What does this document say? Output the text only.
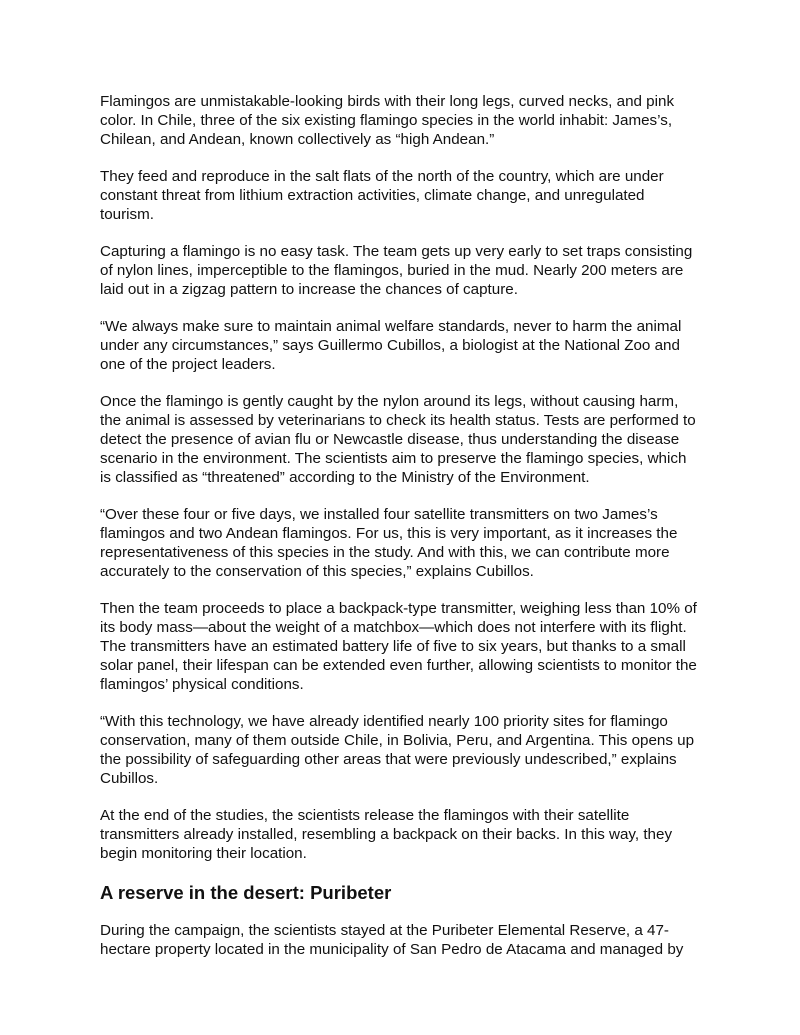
Flamingos are unmistakable-looking birds with their long legs, curved necks, and pink color. In Chile, three of the six existing flamingo species in the world inhabit: James’s, Chilean, and Andean, known collectively as “high Andean.”

They feed and reproduce in the salt flats of the north of the country, which are under constant threat from lithium extraction activities, climate change, and unregulated tourism.

Capturing a flamingo is no easy task. The team gets up very early to set traps consisting of nylon lines, imperceptible to the flamingos, buried in the mud. Nearly 200 meters are laid out in a zigzag pattern to increase the chances of capture.

“We always make sure to maintain animal welfare standards, never to harm the animal under any circumstances,” says Guillermo Cubillos, a biologist at the National Zoo and one of the project leaders.

Once the flamingo is gently caught by the nylon around its legs, without causing harm, the animal is assessed by veterinarians to check its health status. Tests are performed to detect the presence of avian flu or Newcastle disease, thus understanding the disease scenario in the environment. The scientists aim to preserve the flamingo species, which is classified as “threatened” according to the Ministry of the Environment.

“Over these four or five days, we installed four satellite transmitters on two James’s flamingos and two Andean flamingos. For us, this is very important, as it increases the representativeness of this species in the study. And with this, we can contribute more accurately to the conservation of this species,” explains Cubillos.

Then the team proceeds to place a backpack-type transmitter, weighing less than 10% of its body mass—about the weight of a matchbox—which does not interfere with its flight. The transmitters have an estimated battery life of five to six years, but thanks to a small solar panel, their lifespan can be extended even further, allowing scientists to monitor the flamingos’ physical conditions.

“With this technology, we have already identified nearly 100 priority sites for flamingo conservation, many of them outside Chile, in Bolivia, Peru, and Argentina. This opens up the possibility of safeguarding other areas that were previously undescribed,” explains Cubillos.

At the end of the studies, the scientists release the flamingos with their satellite transmitters already installed, resembling a backpack on their backs. In this way, they begin monitoring their location.

A reserve in the desert: Puribeter

During the campaign, the scientists stayed at the Puribeter Elemental Reserve, a 47-hectare property located in the municipality of San Pedro de Atacama and managed by
